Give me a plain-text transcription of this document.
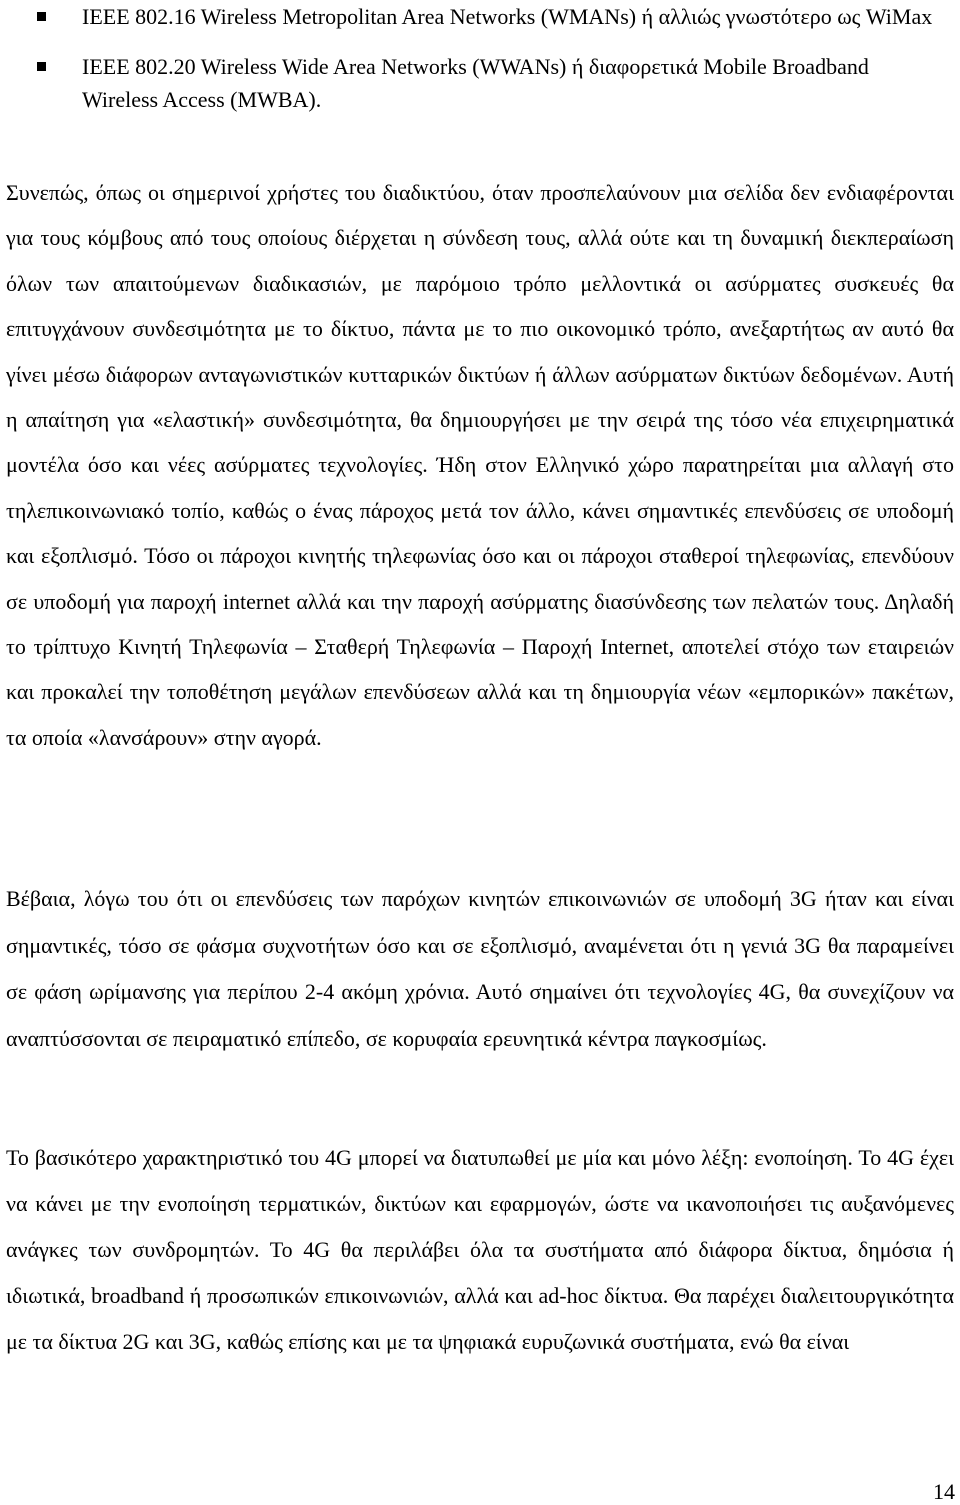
IEEE 802.16 Wireless Metropolitan Area Networks (WMANs) ή αλλιώς γνωστότερο ως WiMax
IEEE 802.20 Wireless Wide Area Networks (WWANs) ή διαφορετικά Mobile Broadband Wireless Access (MWBA).

Συνεπώς, όπως οι σημερινοί χρήστες του διαδικτύου, όταν προσπελαύνουν μια σελίδα δεν ενδιαφέρονται για τους κόμβους από τους οποίους διέρχεται η σύνδεση τους, αλλά ούτε και τη δυναμική διεκπεραίωση όλων των απαιτούμενων διαδικασιών, με παρόμοιο τρόπο μελλοντικά οι ασύρματες συσκευές θα επιτυγχάνουν συνδεσιμότητα με το δίκτυο, πάντα με το πιο οικονομικό τρόπο, ανεξαρτήτως αν αυτό θα γίνει μέσω διάφορων ανταγωνιστικών κυτταρικών δικτύων ή άλλων ασύρματων δικτύων δεδομένων. Αυτή η απαίτηση για «ελαστική» συνδεσιμότητα, θα δημιουργήσει με την σειρά της τόσο νέα επιχειρηματικά μοντέλα όσο και νέες ασύρματες τεχνολογίες. Ήδη στον Ελληνικό χώρο παρατηρείται μια αλλαγή στο τηλεπικοινωνιακό τοπίο, καθώς ο ένας πάροχος μετά τον άλλο, κάνει σημαντικές επενδύσεις σε υποδομή και εξοπλισμό. Τόσο οι πάροχοι κινητής τηλεφωνίας όσο και οι πάροχοι σταθεροί τηλεφωνίας, επενδύουν σε υποδομή για παροχή internet αλλά και την παροχή ασύρματης διασύνδεσης των πελατών τους. Δηλαδή το τρίπτυχο Κινητή Τηλεφωνία – Σταθερή Τηλεφωνία – Παροχή Internet, αποτελεί στόχο των εταιρειών και προκαλεί την τοποθέτηση μεγάλων επενδύσεων αλλά και τη δημιουργία νέων «εμπορικών» πακέτων, τα οποία «λανσάρουν» στην αγορά.

Βέβαια, λόγω του ότι οι επενδύσεις των παρόχων κινητών επικοινωνιών σε υποδομή 3G ήταν και είναι σημαντικές, τόσο σε φάσμα συχνοτήτων όσο και σε εξοπλισμό, αναμένεται ότι η γενιά 3G θα παραμείνει σε φάση ωρίμανσης για περίπου 2-4 ακόμη χρόνια. Αυτό σημαίνει ότι τεχνολογίες 4G, θα συνεχίζουν να αναπτύσσονται σε πειραματικό επίπεδο, σε κορυφαία ερευνητικά κέντρα παγκοσμίως.

Το βασικότερο χαρακτηριστικό του 4G μπορεί να διατυπωθεί με μία και μόνο λέξη: ενοποίηση. Το 4G έχει να κάνει με την ενοποίηση τερματικών, δικτύων και εφαρμογών, ώστε να ικανοποιήσει τις αυξανόμενες ανάγκες των συνδρομητών. Το 4G θα περιλάβει όλα τα συστήματα από διάφορα δίκτυα, δημόσια ή ιδιωτικά, broadband ή προσωπικών επικοινωνιών, αλλά και ad-hoc δίκτυα. Θα παρέχει διαλειτουργικότητα με τα δίκτυα 2G και 3G, καθώς επίσης και με τα ψηφιακά ευρυζωνικά συστήματα, ενώ θα είναι

14
